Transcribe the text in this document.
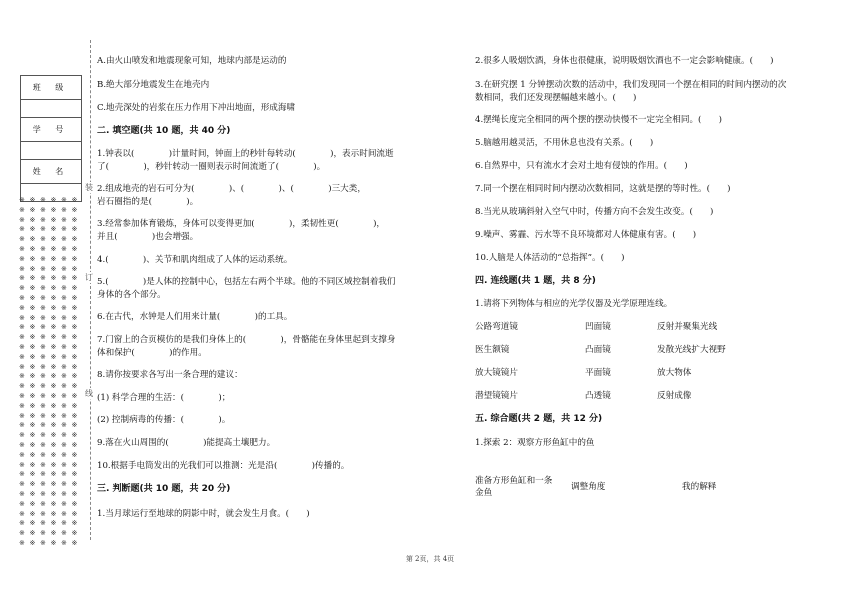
班 级

学 号

姓 名

※ ※ ※ ※ ※ ※
※ ※ ※ ※ ※ ※
※ ※ ※ ※ ※ ※
※ ※ ※ ※ ※ ※
※ ※ ※ ※ ※ ※
※ ※ ※ ※ ※ ※
※ ※ ※ ※ ※ ※
※ ※ ※ ※ ※ ※
※ ※ ※ ※ ※ ※
※ ※ ※ ※ ※ ※
※ ※ ※ ※ ※ ※
※ ※ ※ ※ ※ ※
※ ※ ※ ※ ※ ※
※ ※ ※ ※ ※ ※
※ ※ ※ ※ ※ ※
※ ※ ※ ※ ※ ※
※ ※ ※ ※ ※ ※
※ ※ ※ ※ ※ ※
※ ※ ※ ※ ※ ※
※ ※ ※ ※ ※ ※
※ ※ ※ ※ ※ ※
※ ※ ※ ※ ※ ※
※ ※ ※ ※ ※ ※
※ ※ ※ ※ ※ ※
※ ※ ※ ※ ※ ※
※ ※ ※ ※ ※ ※
※ ※ ※ ※ ※ ※
※ ※ ※ ※ ※ ※
※ ※ ※ ※ ※ ※
※ ※ ※ ※ ※ ※
※ ※ ※ ※ ※ ※
※ ※ ※ ※ ※ ※
※ ※ ※ ※ ※ ※
※ ※ ※ ※ ※ ※
※ ※ ※ ※ ※ ※
※ ※ ※ ※ ※ ※
装
订
线
A.由火山喷发和地震现象可知，地球内部是运动的
B.绝大部分地震发生在地壳内
C.地壳深处的岩浆在压力作用下冲出地面，形成海啸
二. 填空题(共 10 题，共 40 分)
1.钟表以(　　　　)计量时间，钟面上的秒针每转动(　　　　)，表示时间流逝
了(　　　　)，秒针转动一圈则表示时间流逝了(　　　　)。
2.组成地壳的岩石可分为(　　　　)、(　　　　)、(　　　　)三大类，
岩石圈指的是(　　　　)。
3.经常参加体育锻炼，身体可以变得更加(　　　　)，柔韧性更(　　　　)，
并且(　　　　)也会增强。
4.(　　　　)、关节和肌肉组成了人体的运动系统。
5.(　　　　)是人体的控制中心，包括左右两个半球。他的不同区域控制着我们
身体的各个部分。
6.在古代，水钟是人们用来计量(　　　　)的工具。
7.门窗上的合页模仿的是我们身体上的(　　　　)，骨骼能在身体里起到支撑身
体和保护(　　　　)的作用。
8.请你按要求各写出一条合理的建议：
(1) 科学合理的生活：(　　　　)；
(2) 控制病毒的传播：(　　　　)。
9.落在火山周围的(　　　　)能提高土壤肥力。
10.根据手电筒发出的光我们可以推测：光是沿(　　　　)传播的。
三. 判断题(共 10 题，共 20 分)
1.当月球运行至地球的阴影中时，就会发生月食。(　　)
2.很多人吸烟饮酒，身体也很健康，说明吸烟饮酒也不一定会影响健康。(　　)
3.在研究摆 1 分钟摆动次数的活动中，我们发现同一个摆在相同的时间内摆动的次
数相同，我们还发现摆幅越来越小。(　　)
4.摆绳长度完全相同的两个摆的摆动快慢不一定完全相同。(　　)
5.脑越用越灵活，不用休息也没有关系。(　　)
6.自然界中，只有流水才会对土地有侵蚀的作用。(　　)
7.同一个摆在相同时间内摆动次数相同，这就是摆的等时性。(　　)
8.当光从玻璃斜射入空气中时，传播方向不会发生改变。(　　)
9.噪声、雾霾、污水等不良环境都对人体健康有害。(　　)
10.人脑是人体活动的“总指挥”。(　　)
四. 连线题(共 1 题，共 8 分)
1.请将下列物体与相应的光学仪器及光学原理连线。
公路弯道镜	凹面镜	反射并聚集光线
医生额镜	凸面镜	发散光线扩大视野
放大镜镜片	平面镜	放大物体
潜望镜镜片	凸透镜	反射成像
五. 综合题(共 2 题，共 12 分)
1.探索 2：观察方形鱼缸中的鱼
准备方形鱼缸和一条
金鱼
调整角度	我的解释
第 2页，共 4页
